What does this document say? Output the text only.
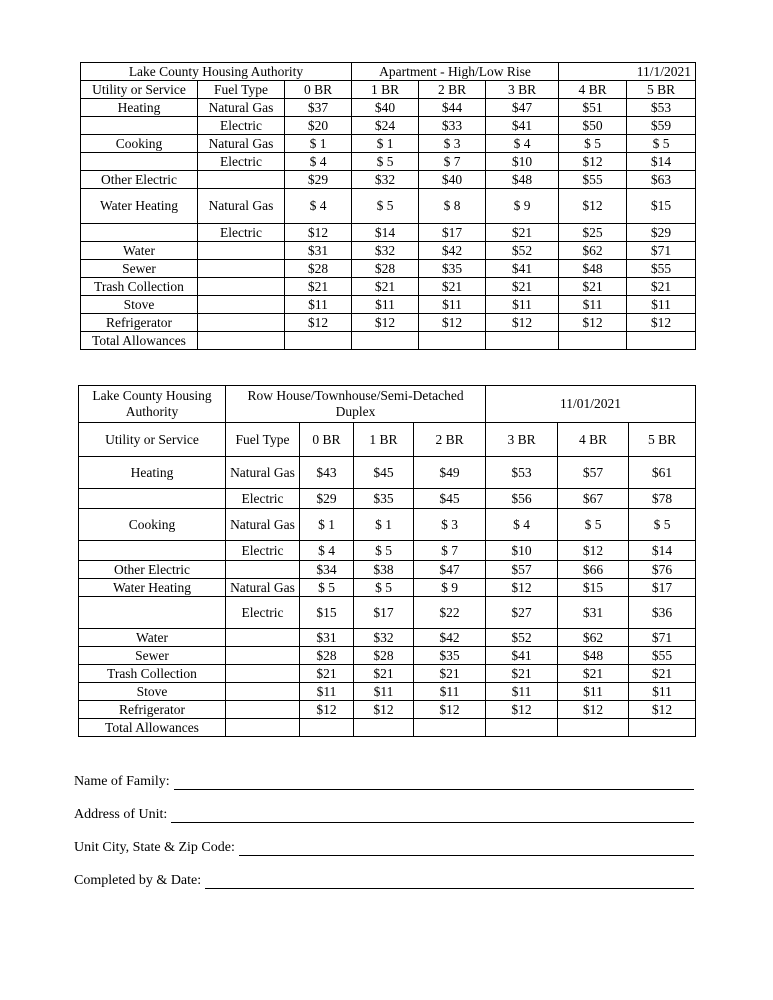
Lake County Housing Authority			Apartment - High/Low Rise			11/1/2021	
Utility or Service	Fuel Type	0 BR	1 BR	2 BR	3 BR	4 BR	5 BR
Heating	Natural Gas	$37	$40	$44	$47	$51	$53
	Electric	$20	$24	$33	$41	$50	$59
Cooking	Natural Gas	$ 1	$ 1	$ 3	$ 4	$ 5	$ 5
	Electric	$ 4	$ 5	$ 7	$10	$12	$14
Other Electric		$29	$32	$40	$48	$55	$63
Water Heating	Natural Gas	$ 4	$ 5	$ 8	$ 9	$12	$15
	Electric	$12	$14	$17	$21	$25	$29
Water		$31	$32	$42	$52	$62	$71
Sewer		$28	$28	$35	$41	$48	$55
Trash Collection		$21	$21	$21	$21	$21	$21
Stove		$11	$11	$11	$11	$11	$11
Refrigerator		$12	$12	$12	$12	$12	$12
Total Allowances							
Lake County Housing Authority	Row House/Townhouse/Semi-Detached Duplex				11/01/2021		
Utility or Service	Fuel Type	0 BR	1 BR	2 BR	3 BR	4 BR	5 BR
Heating	Natural Gas	$43	$45	$49	$53	$57	$61
	Electric	$29	$35	$45	$56	$67	$78
Cooking	Natural Gas	$ 1	$ 1	$ 3	$ 4	$ 5	$ 5
	Electric	$ 4	$ 5	$ 7	$10	$12	$14
Other Electric		$34	$38	$47	$57	$66	$76
Water Heating	Natural Gas	$ 5	$ 5	$ 9	$12	$15	$17
	Electric	$15	$17	$22	$27	$31	$36
Water		$31	$32	$42	$52	$62	$71
Sewer		$28	$28	$35	$41	$48	$55
Trash Collection		$21	$21	$21	$21	$21	$21
Stove		$11	$11	$11	$11	$11	$11
Refrigerator		$12	$12	$12	$12	$12	$12
Total Allowances							
Name of Family:
Address of Unit:
Unit City, State & Zip Code:
Completed by & Date:
